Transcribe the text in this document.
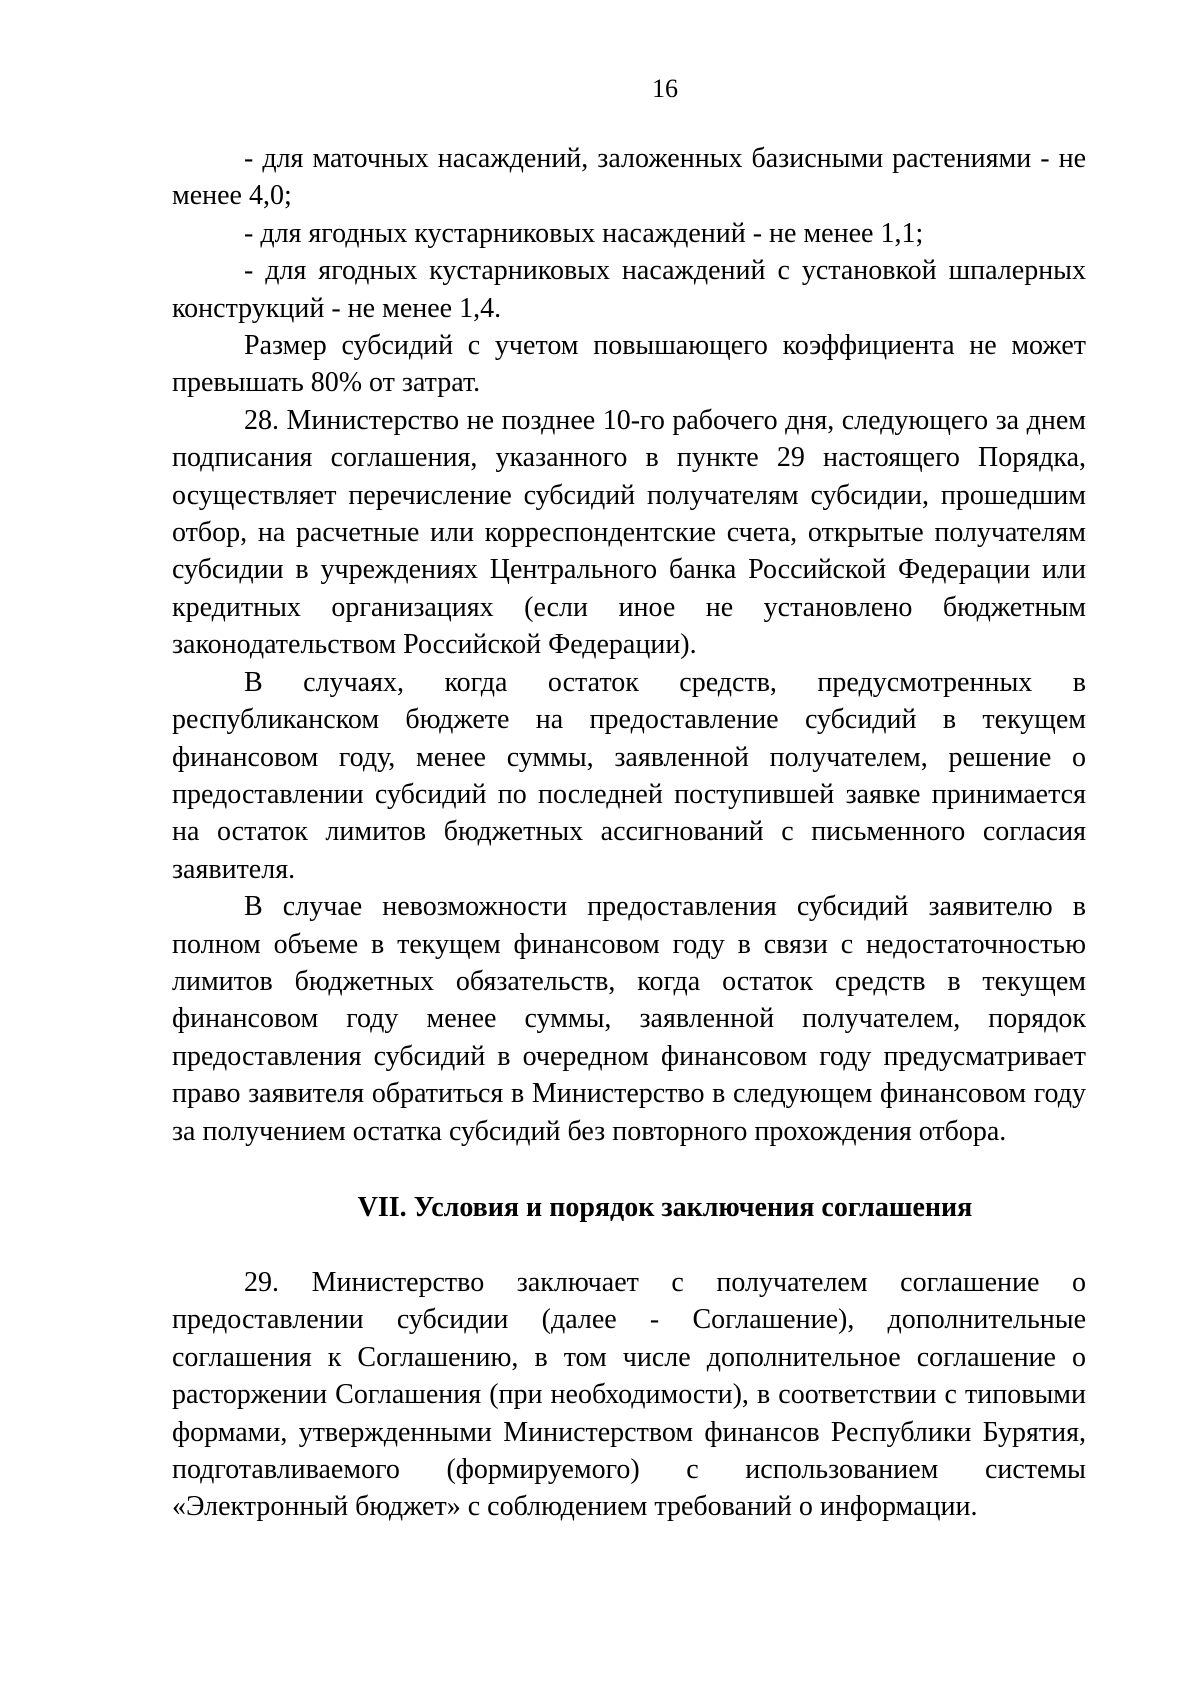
16

- для маточных насаждений, заложенных базисными растениями - не менее 4,0;

- для ягодных кустарниковых насаждений - не менее 1,1;

- для ягодных кустарниковых насаждений с установкой шпалерных конструкций - не менее 1,4.

Размер субсидий с учетом повышающего коэффициента не может превышать 80% от затрат.

28. Министерство не позднее 10-го рабочего дня, следующего за днем подписания соглашения, указанного в пункте 29 настоящего Порядка, осуществляет перечисление субсидий получателям субсидии, прошедшим отбор, на расчетные или корреспондентские счета, открытые получателям субсидии в учреждениях Центрального банка Российской Федерации или кредитных организациях (если иное не установлено бюджетным законодательством Российской Федерации).

В случаях, когда остаток средств, предусмотренных в республиканском бюджете на предоставление субсидий в текущем финансовом году, менее суммы, заявленной получателем, решение о предоставлении субсидий по последней поступившей заявке принимается на остаток лимитов бюджетных ассигнований с письменного согласия заявителя.

В случае невозможности предоставления субсидий заявителю в полном объеме в текущем финансовом году в связи с недостаточностью лимитов бюджетных обязательств, когда остаток средств в текущем финансовом году менее суммы, заявленной получателем, порядок предоставления субсидий в очередном финансовом году предусматривает право заявителя обратиться в Министерство в следующем финансовом году за получением остатка субсидий без повторного прохождения отбора.

VII. Условия и порядок заключения соглашения

29. Министерство заключает с получателем соглашение о предоставлении субсидии (далее - Соглашение), дополнительные соглашения к Соглашению, в том числе дополнительное соглашение о расторжении Соглашения (при необходимости), в соответствии с типовыми формами, утвержденными Министерством финансов Республики Бурятия, подготавливаемого (формируемого) с использованием системы «Электронный бюджет» с соблюдением требований о информации.
